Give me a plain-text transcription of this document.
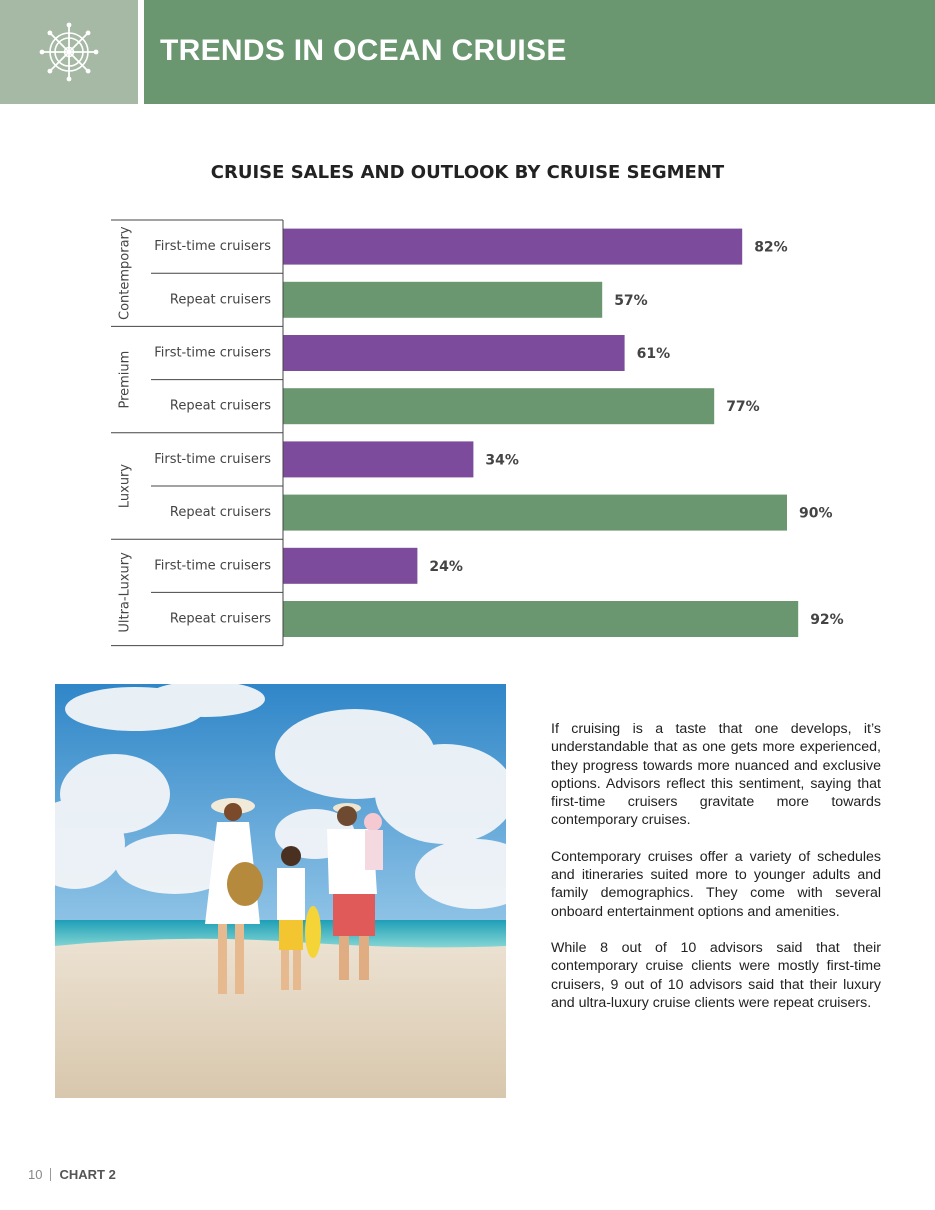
TRENDS IN OCEAN CRUISE
CRUISE SALES AND OUTLOOK BY CRUISE SEGMENT
Contemporary First-time cruisers	82%
Repeat cruisers	57%
Premium First-time cruisers	61%
Repeat cruisers	77%
Luxury
First-time cruisers	34%
Repeat cruisers	90%
Ultra-Luxury First-time cruisers	24%
Repeat cruisers	92%

If cruising is a taste that one develops, it’s understandable that as one gets more experienced, they progress towards more nuanced and exclusive options. Advisors reflect this sentiment, saying that first-time cruisers gravitate more towards contemporary cruises.

Contemporary cruises offer a variety of schedules and itineraries suited more to younger adults and family demographics. They come with several onboard entertainment options and amenities.

While 8 out of 10 advisors said that their contemporary cruise clients were mostly first-time cruisers, 9 out of 10 advisors said that their luxury and ultra-luxury cruise clients were repeat cruisers.

10 CHART 2
